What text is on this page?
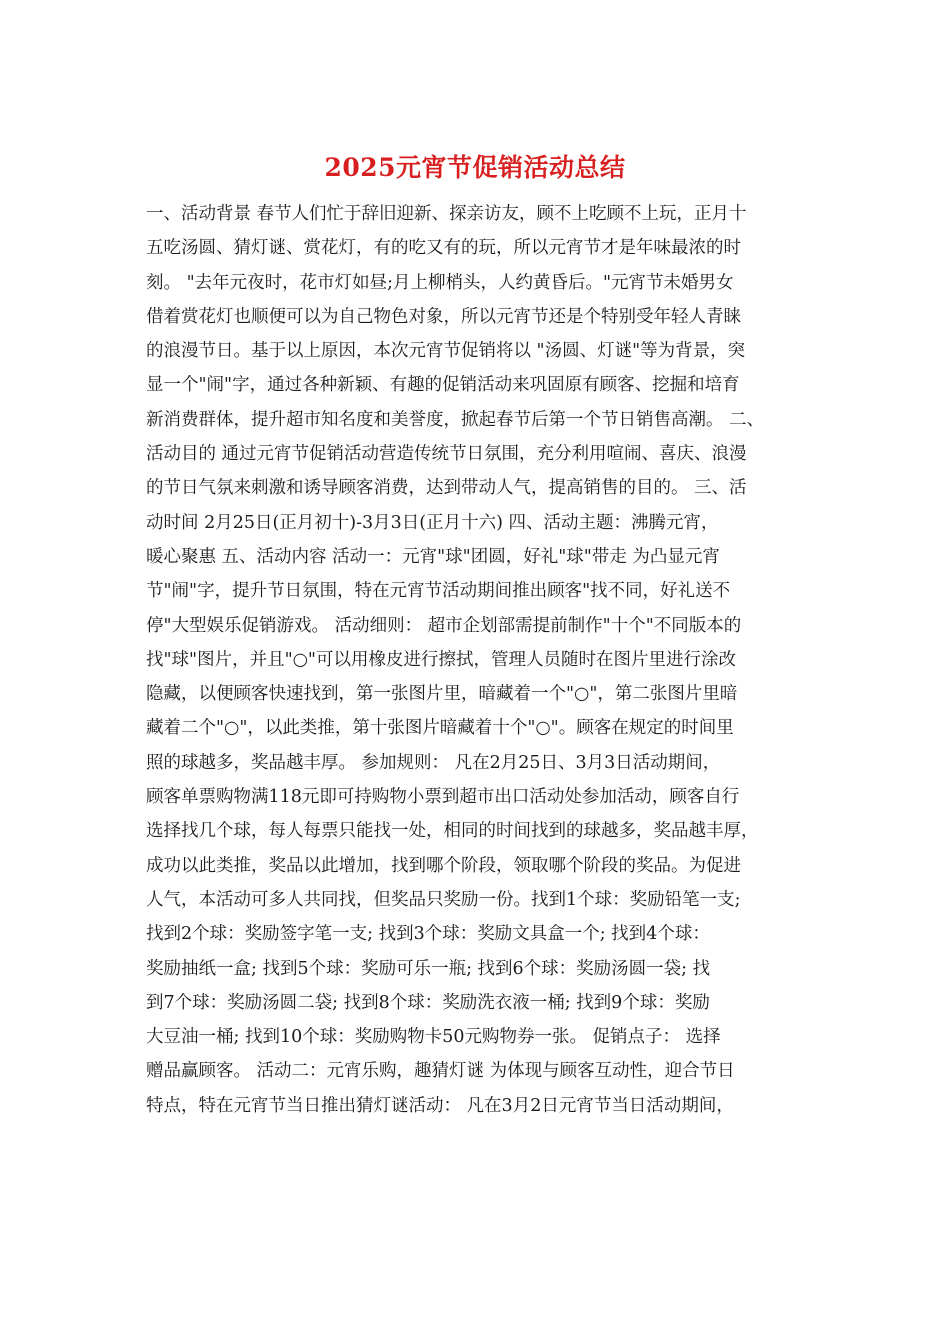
2025元宵节促销活动总结
一、活动背景 春节人们忙于辞旧迎新、探亲访友，顾不上吃顾不上玩，正月十
五吃汤圆、猜灯谜、赏花灯，有的吃又有的玩，所以元宵节才是年味最浓的时
刻。 "去年元夜时，花市灯如昼;月上柳梢头，人约黄昏后。"元宵节未婚男女
借着赏花灯也顺便可以为自己物色对象，所以元宵节还是个特别受年轻人青睐
的浪漫节日。基于以上原因，本次元宵节促销将以 "汤圆、灯谜"等为背景，突
显一个"闹"字，通过各种新颖、有趣的促销活动来巩固原有顾客、挖掘和培育
新消费群体，提升超市知名度和美誉度，掀起春节后第一个节日销售高潮。 二、
活动目的 通过元宵节促销活动营造传统节日氛围，充分利用喧闹、喜庆、浪漫
的节日气氛来刺激和诱导顾客消费，达到带动人气，提高销售的目的。 三、活
动时间 2月25日(正月初十)-3月3日(正月十六) 四、活动主题：沸腾元宵，
暖心聚惠 五、活动内容 活动一：元宵"球"团圆，好礼"球"带走 为凸显元宵
节"闹"字，提升节日氛围，特在元宵节活动期间推出顾客"找不同，好礼送不
停"大型娱乐促销游戏。 活动细则： 超市企划部需提前制作"十个"不同版本的
找"球"图片，并且"○"可以用橡皮进行擦拭，管理人员随时在图片里进行涂改
隐藏，以便顾客快速找到，第一张图片里，暗藏着一个"○"，第二张图片里暗
藏着二个"○"，以此类推，第十张图片暗藏着十个"○"。顾客在规定的时间里
照的球越多，奖品越丰厚。 参加规则： 凡在2月25日、3月3日活动期间，
顾客单票购物满118元即可持购物小票到超市出口活动处参加活动，顾客自行
选择找几个球，每人每票只能找一处，相同的时间找到的球越多，奖品越丰厚，
成功以此类推，奖品以此增加，找到哪个阶段，领取哪个阶段的奖品。为促进
人气，本活动可多人共同找，但奖品只奖励一份。找到1个球：奖励铅笔一支;
找到2个球：奖励签字笔一支; 找到3个球：奖励文具盒一个; 找到4个球：
奖励抽纸一盒; 找到5个球：奖励可乐一瓶; 找到6个球：奖励汤圆一袋; 找
到7个球：奖励汤圆二袋; 找到8个球：奖励洗衣液一桶; 找到9个球：奖励
大豆油一桶; 找到10个球：奖励购物卡50元购物券一张。 促销点子： 选择
赠品赢顾客。 活动二：元宵乐购，趣猜灯谜 为体现与顾客互动性，迎合节日
特点，特在元宵节当日推出猜灯谜活动： 凡在3月2日元宵节当日活动期间，
